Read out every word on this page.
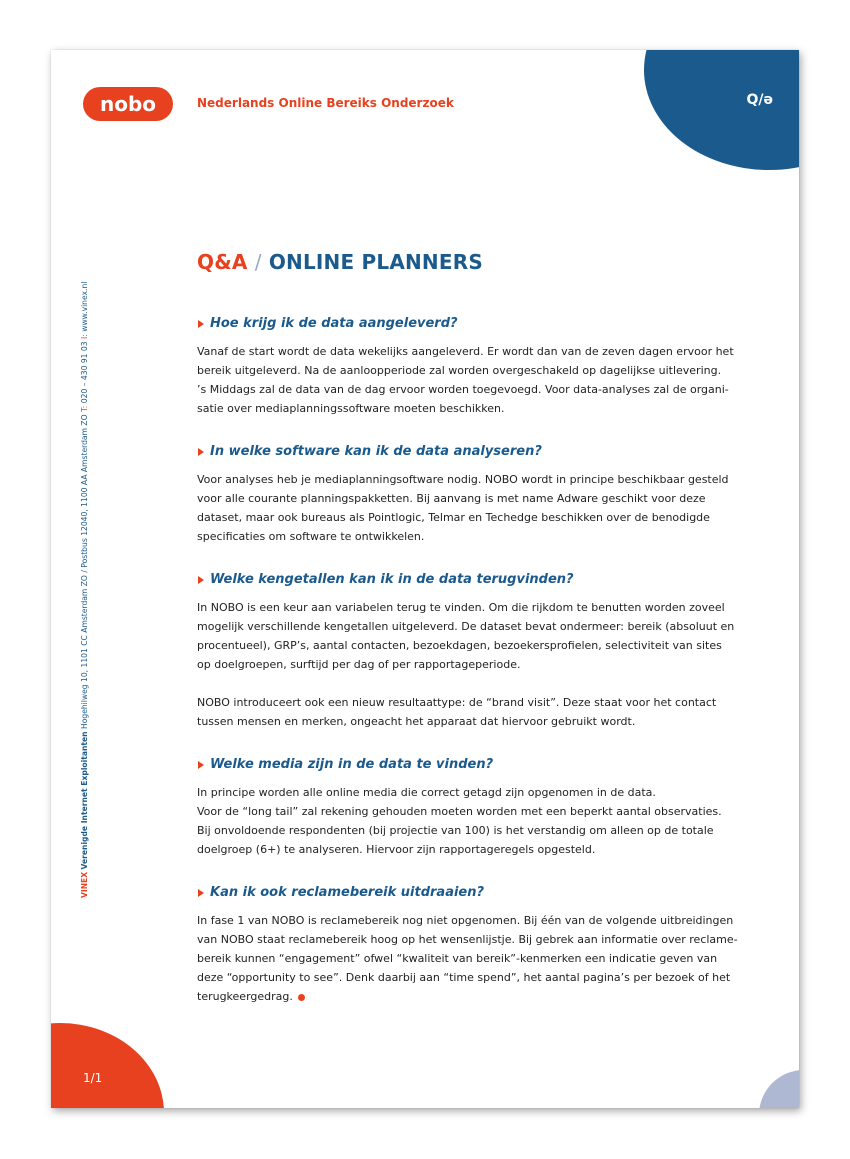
Q/ə
1/1
nobo	Nederlands Online Bereiks Onderzoek
VINEX Verenigde Internet Exploitanten Hogehilweg 10, 1101 CC Amsterdam ZO / Postbus 12040, 1100 AA Amsterdam ZO T: 020 – 430 91 03 I: www.vinex.nl
Q&A / ONLINE PLANNERS
Hoe krijg ik de data aangeleverd?

Vanaf de start wordt de data wekelijks aangeleverd. Er wordt dan van de zeven dagen ervoor het
bereik uitgeleverd. Na de aanloopperiode zal worden overgeschakeld op dagelijkse uitlevering.
’s Middags zal de data van de dag ervoor worden toegevoegd. Voor data-analyses zal de organi-
satie over mediaplanningssoftware moeten beschikken.

In welke software kan ik de data analyseren?

Voor analyses heb je mediaplanningsoftware nodig. NOBO wordt in principe beschikbaar gesteld
voor alle courante planningspakketten. Bij aanvang is met name Adware geschikt voor deze
dataset, maar ook bureaus als Pointlogic, Telmar en Techedge beschikken over de benodigde
specificaties om software te ontwikkelen.

Welke kengetallen kan ik in de data terugvinden?

In NOBO is een keur aan variabelen terug te vinden. Om die rijkdom te benutten worden zoveel
mogelijk verschillende kengetallen uitgeleverd. De dataset bevat ondermeer: bereik (absoluut en
procentueel), GRP’s, aantal contacten, bezoekdagen, bezoekersprofielen, selectiviteit van sites
op doelgroepen, surftijd per dag of per rapportageperiode.

NOBO introduceert ook een nieuw resultaattype: de “brand visit”. Deze staat voor het contact
tussen mensen en merken, ongeacht het apparaat dat hiervoor gebruikt wordt.

Welke media zijn in de data te vinden?

In principe worden alle online media die correct getagd zijn opgenomen in de data.
Voor de “long tail” zal rekening gehouden moeten worden met een beperkt aantal observaties.
Bij onvoldoende respondenten (bij projectie van 100) is het verstandig om alleen op de totale
doelgroep (6+) te analyseren. Hiervoor zijn rapportageregels opgesteld.

Kan ik ook reclamebereik uitdraaien?

In fase 1 van NOBO is reclamebereik nog niet opgenomen. Bij één van de volgende uitbreidingen
van NOBO staat reclamebereik hoog op het wensenlijstje. Bij gebrek aan informatie over reclame-
bereik kunnen “engagement” ofwel “kwaliteit van bereik”-kenmerken een indicatie geven van
deze “opportunity to see”. Denk daarbij aan “time spend”, het aantal pagina’s per bezoek of het
terugkeergedrag.
